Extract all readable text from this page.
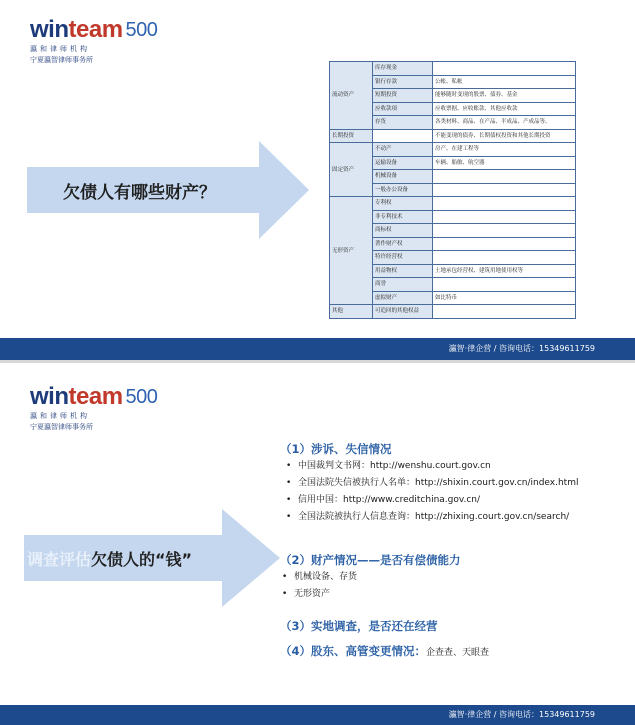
winteam 500
瀛和律师机构
宁夏瀛智律师事务所
欠债人有哪些财产？
流动资产	库存现金	
	银行存款	公帐、私帐
	短期投资	能够随时变现的股票、债券、基金
	应收款项	应收票据、应收账款、其他应收款
	存货	各类材料、商品、在产品、半成品、产成品等、
长期投资		不能变现的债券、长期债权投资和其他长期投资
固定资产	不动产	房产、在建工程等
	运输设备	车辆、船舶、航空器
	机械设备	
	一般办公设备	
无形资产	专利权	
	非专利技术	
	商标权	
	著作财产权	
	特许经营权	
	用益物权	土地承包经营权、建筑用地使用权等
	商誉	
	虚拟财产	如比特币
其他	可追回的其他权益	
瀛智·律企营 / 咨询电话：15349611759
winteam 500
瀛和律师机构
宁夏瀛智律师事务所
调查评估欠债人的“钱”
（1）涉诉、失信情况
• 中国裁判文书网：http://wenshu.court.gov.cn
• 全国法院失信被执行人名单：http://shixin.court.gov.cn/index.html
• 信用中国：http://www.creditchina.gov.cn/
• 全国法院被执行人信息查询：http://zhixing.court.gov.cn/search/
（2）财产情况——是否有偿债能力
• 机械设备、存货
• 无形资产
（3）实地调查，是否还在经营
（4）股东、高管变更情况：企查查、天眼查
瀛智·律企营 / 咨询电话：15349611759
